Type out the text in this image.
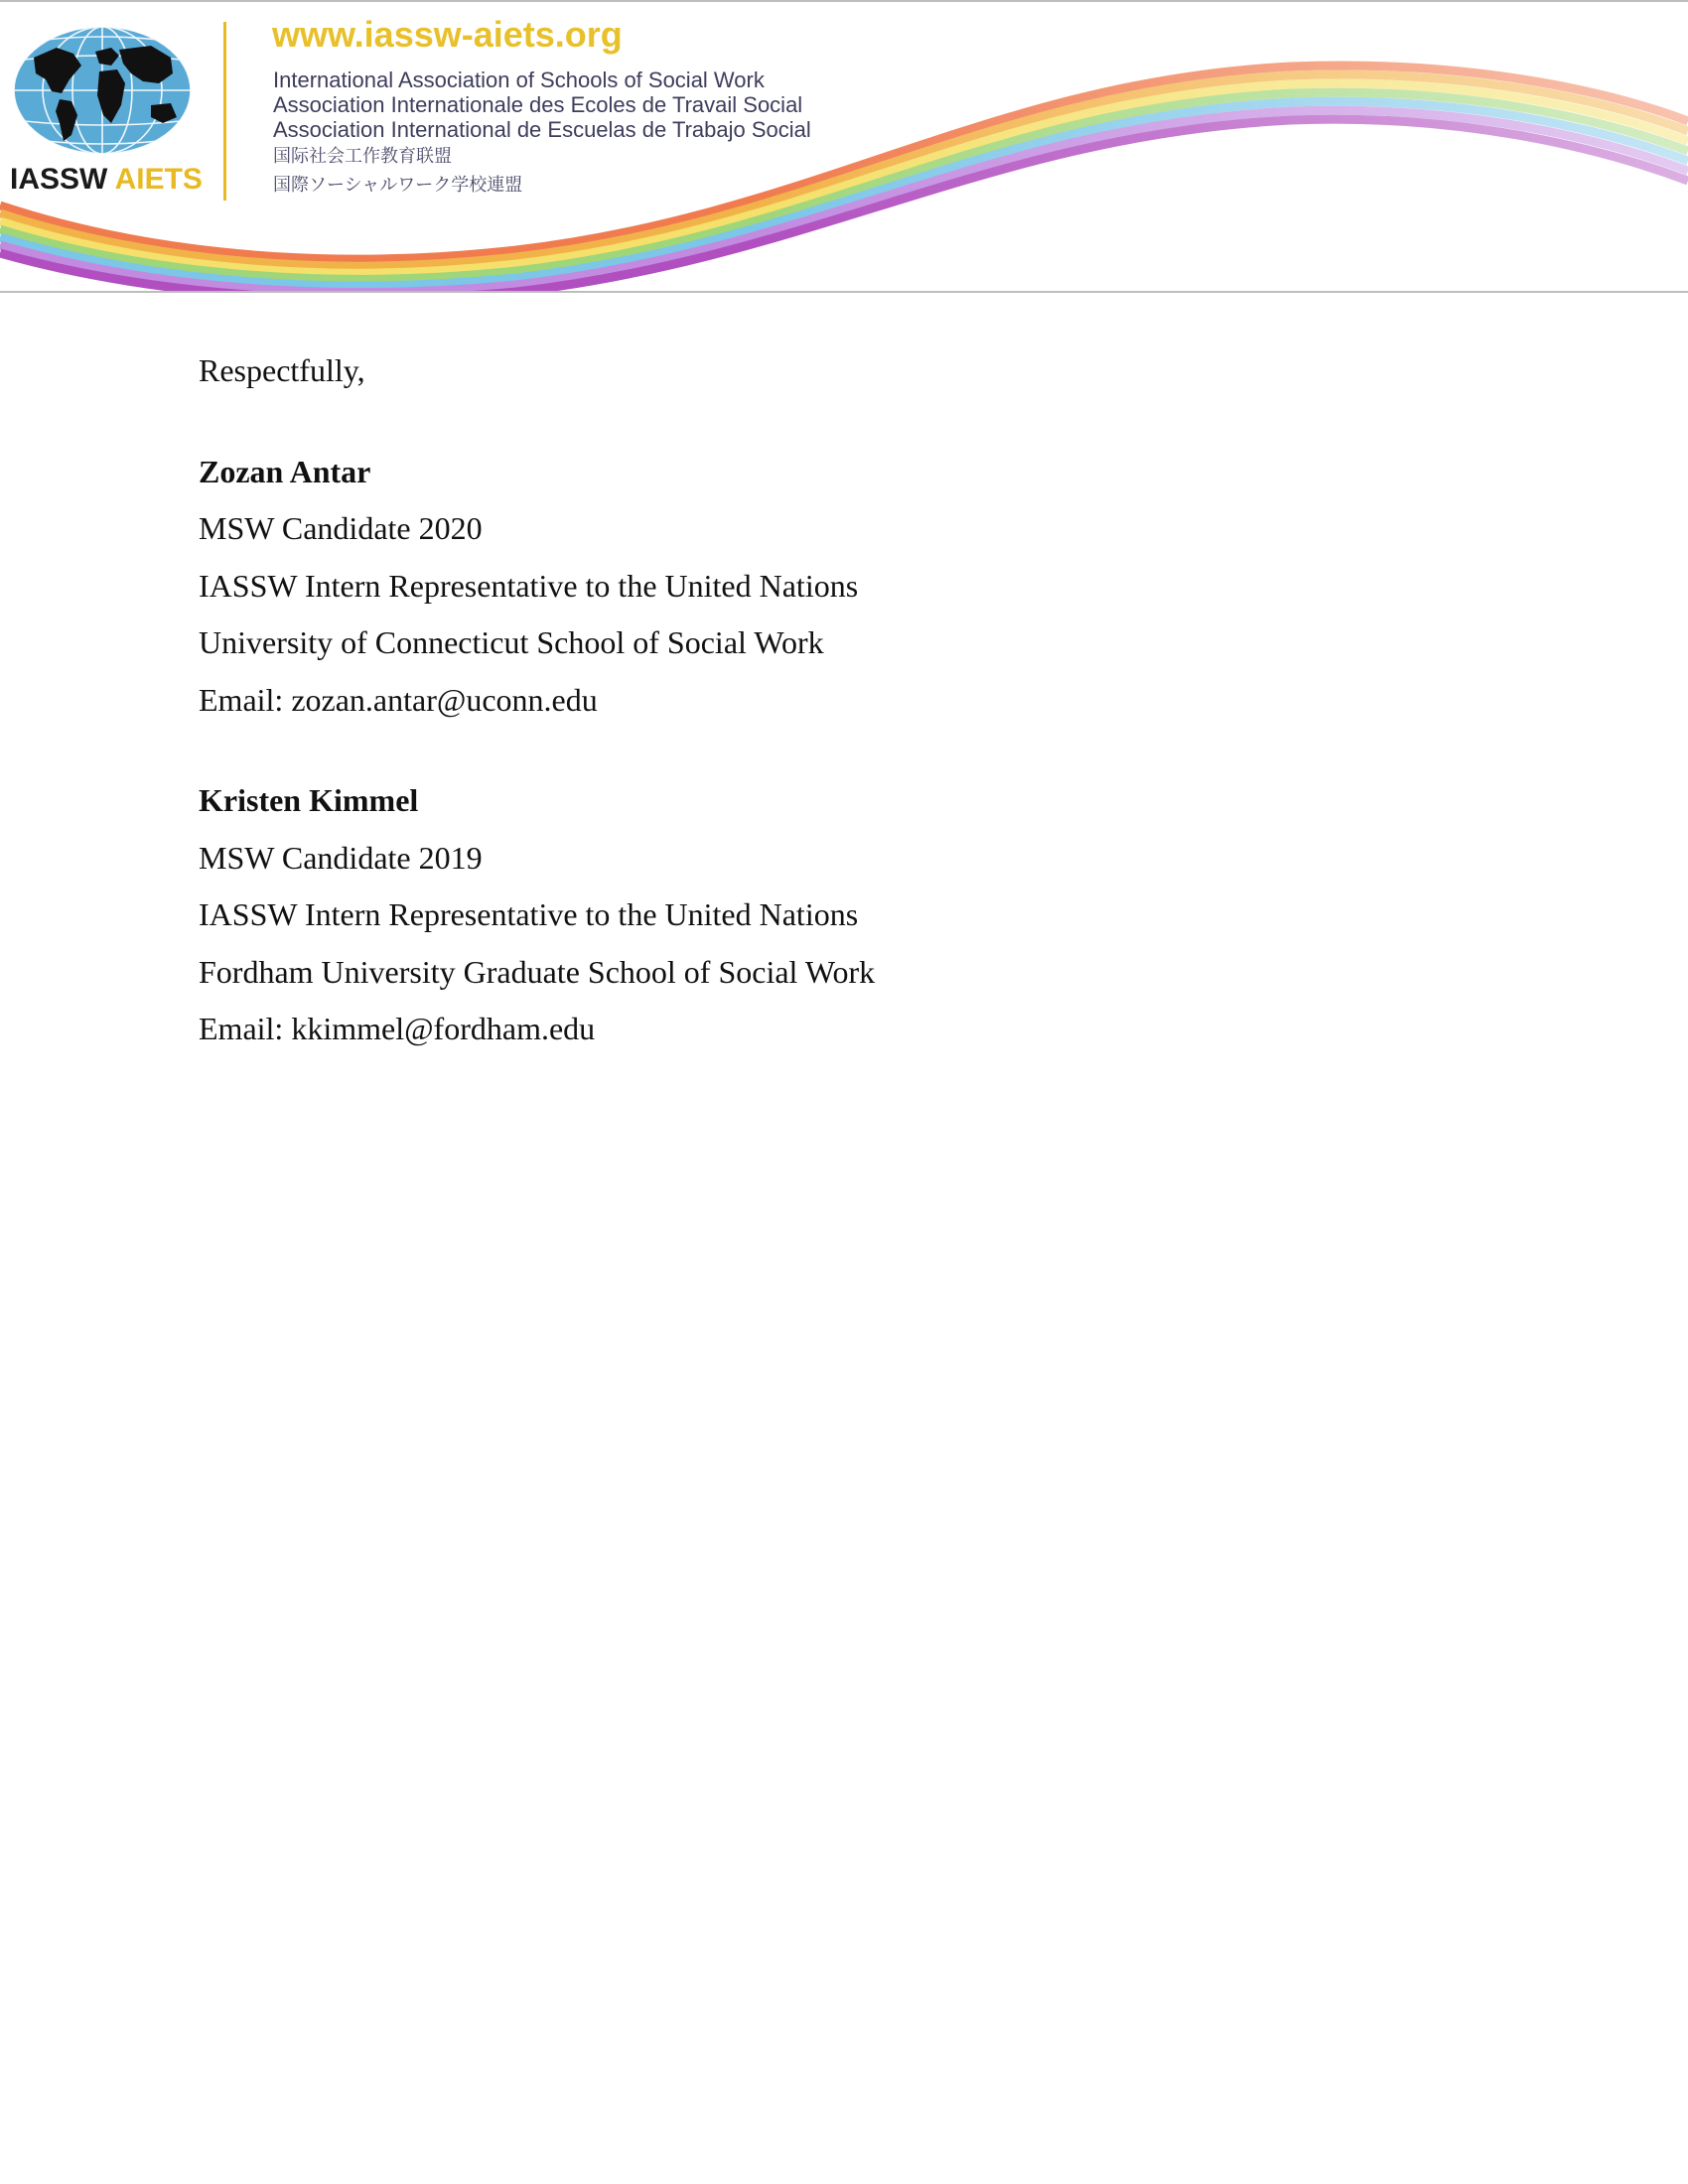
IASSW AIETS
www.iassw-aiets.org
International Association of Schools of Social Work
Association Internationale des Ecoles de Travail Social
Association International de Escuelas de Trabajo Social
国际社会工作教育联盟
国際ソーシャルワーク学校連盟

Respectfully,

Zozan Antar

MSW Candidate 2020

IASSW Intern Representative to the United Nations

University of Connecticut School of Social Work

Email: zozan.antar@uconn.edu

Kristen Kimmel

MSW Candidate 2019

IASSW Intern Representative to the United Nations

Fordham University Graduate School of Social Work

Email: kkimmel@fordham.edu
